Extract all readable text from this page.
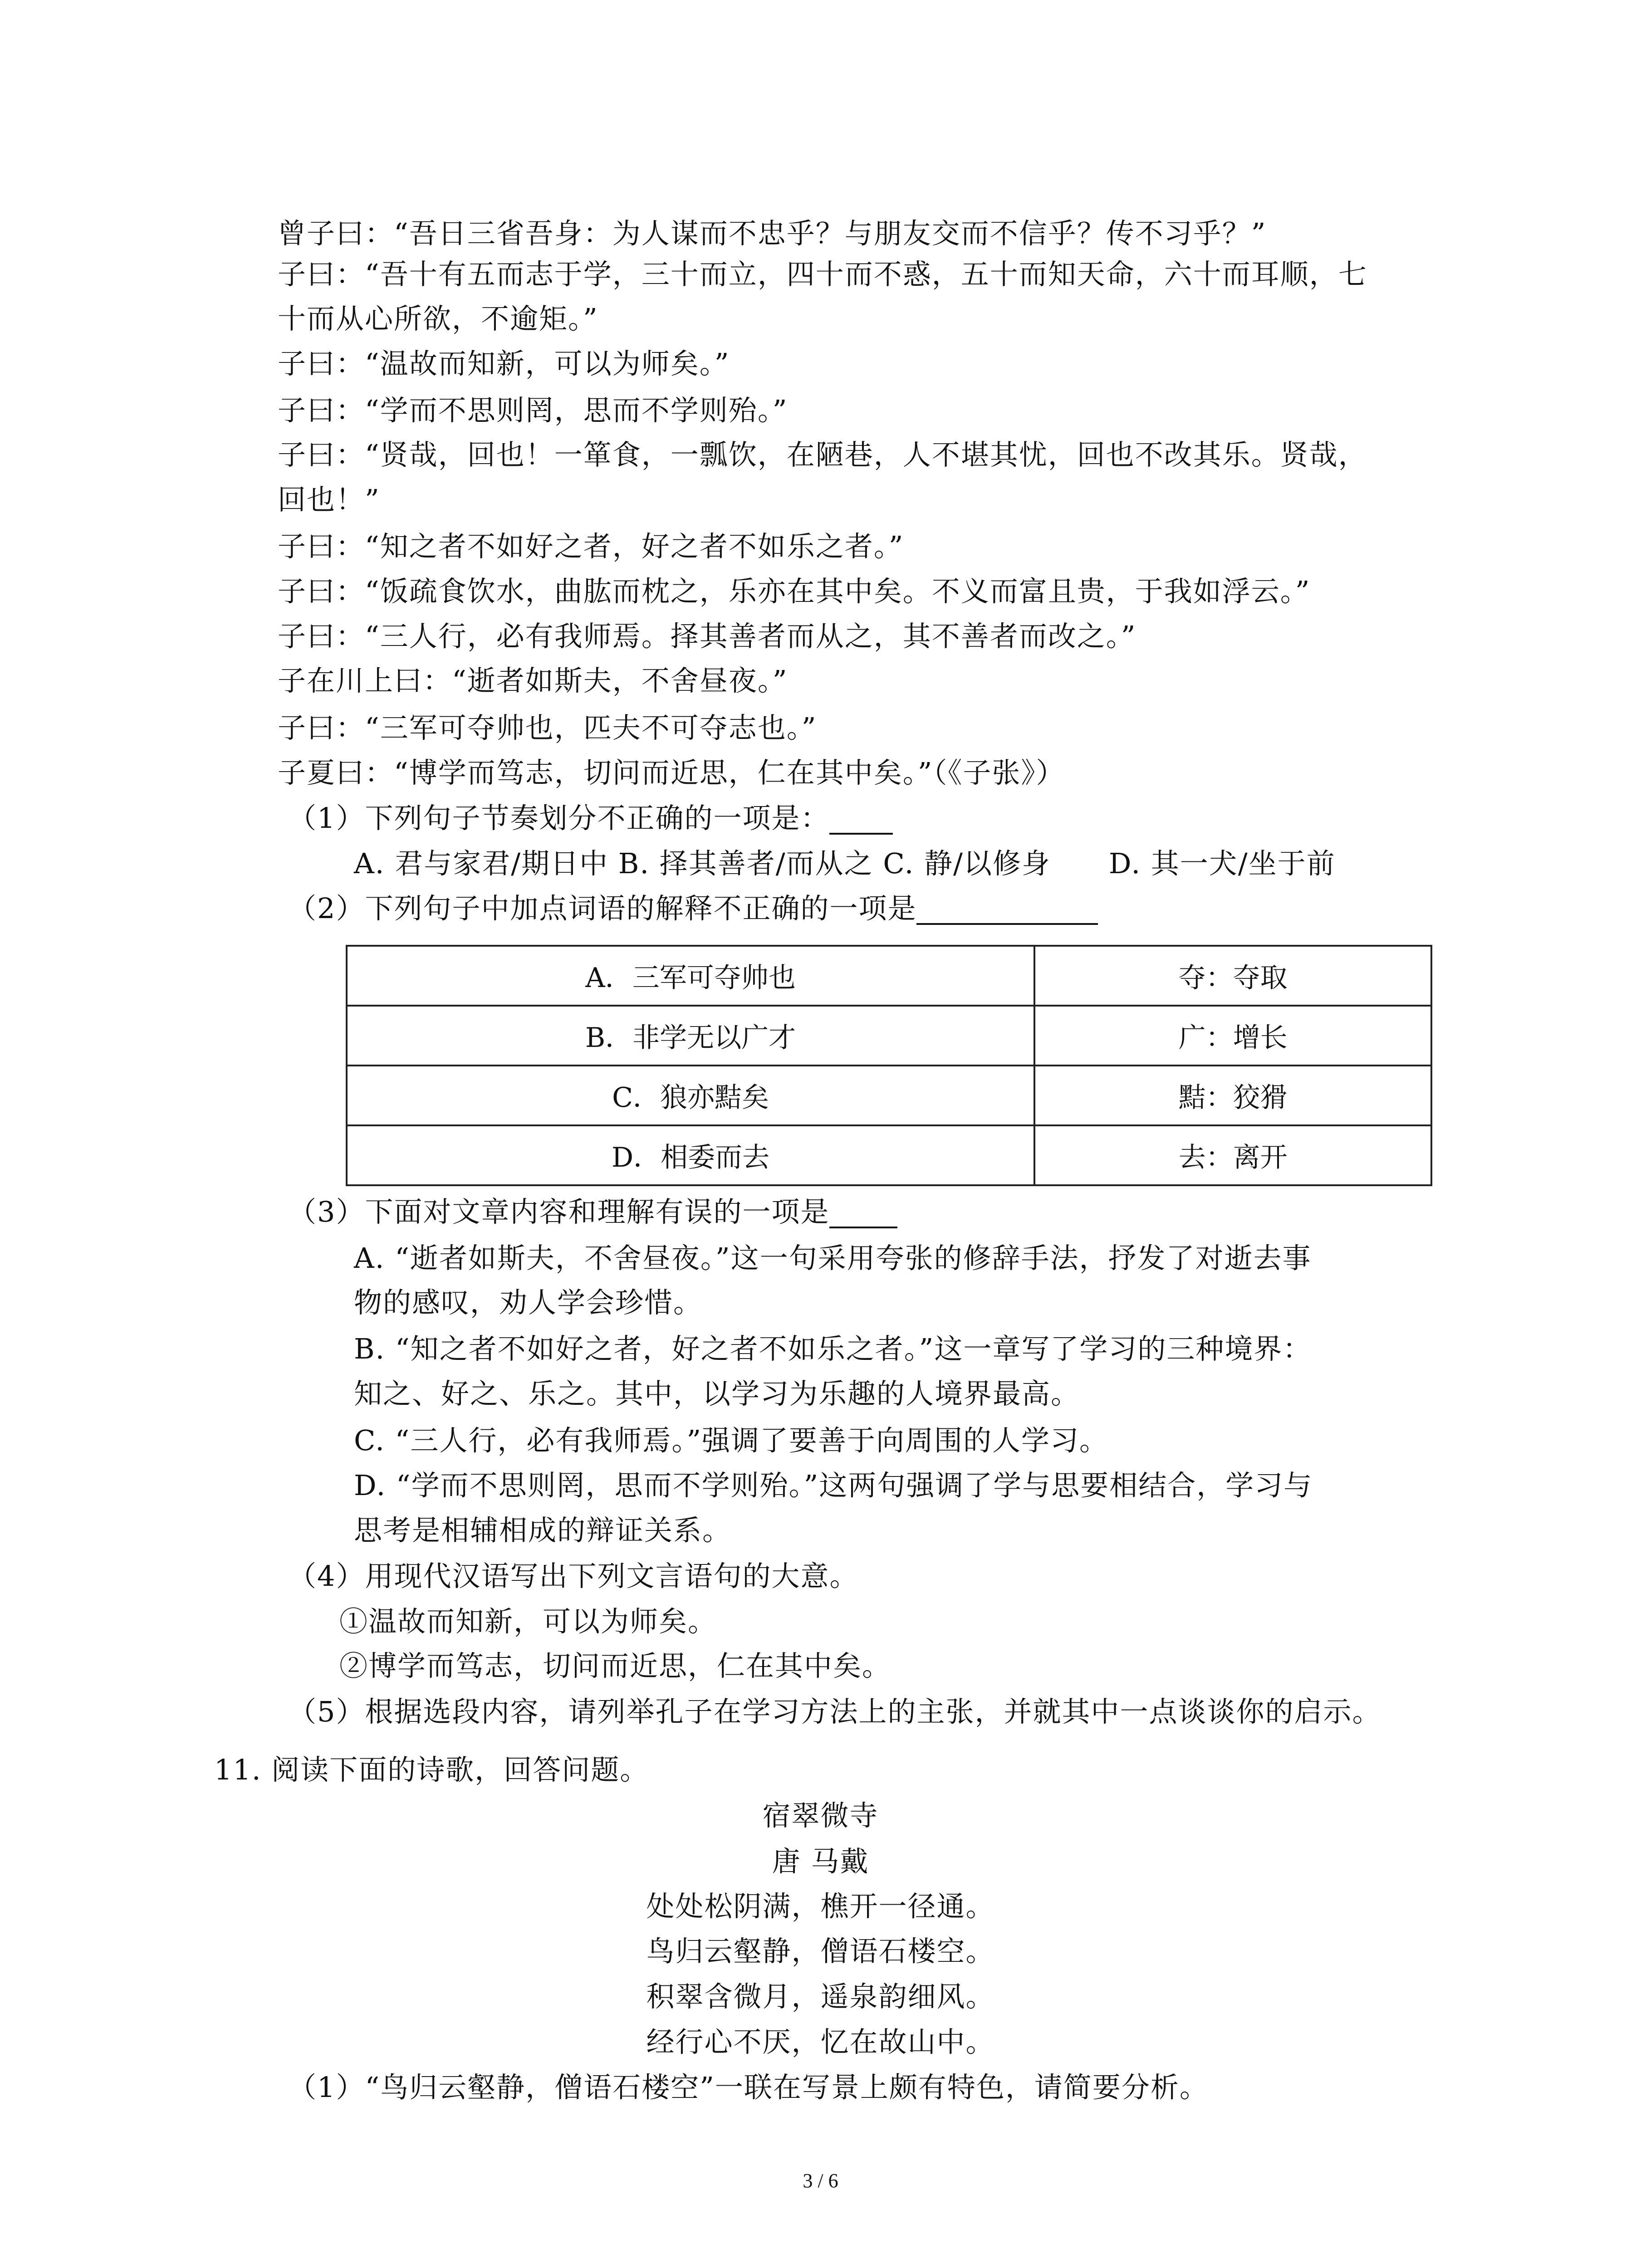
曾子曰：“吾日三省吾身：为人谋而不忠乎？与朋友交而不信乎？传不习乎？”
子曰：“吾十有五而志于学，三十而立，四十而不惑，五十而知天命，六十而耳顺，七
十而从心所欲，不逾矩。”
子曰：“温故而知新，可以为师矣。”
子曰：“学而不思则罔，思而不学则殆。”
子曰：“贤哉，回也！一箪食，一瓢饮，在陋巷，人不堪其忧，回也不改其乐。贤哉，
回也！”
子曰：“知之者不如好之者，好之者不如乐之者。”
子曰：“饭疏食饮水，曲肱而枕之，乐亦在其中矣。不义而富且贵，于我如浮云。”
子曰：“三人行，必有我师焉。择其善者而从之，其不善者而改之。”
子在川上曰：“逝者如斯夫，不舍昼夜。”
子曰：“三军可夺帅也，匹夫不可夺志也。”
子夏曰：“博学而笃志，切问而近思，仁在其中矣。”（《子张》）
（1）下列句子节奏划分不正确的一项是：
A. 君与家君/期日中 B. 择其善者/而从之 C. 静/以修身　　D. 其一犬/坐于前
（2）下列句子中加点词语的解释不正确的一项是
A．三军可夺帅也	夺：夺取
B．非学无以广才	广：增长
C．狼亦黠矣	黠：狡猾
D．相委而去	去：离开
（3）下面对文章内容和理解有误的一项是
A. “逝者如斯夫，不舍昼夜。”这一句采用夸张的修辞手法，抒发了对逝去事
物的感叹，劝人学会珍惜。
B. “知之者不如好之者，好之者不如乐之者。”这一章写了学习的三种境界：
知之、好之、乐之。其中，以学习为乐趣的人境界最高。
C. “三人行，必有我师焉。”强调了要善于向周围的人学习。
D. “学而不思则罔，思而不学则殆。”这两句强调了学与思要相结合，学习与
思考是相辅相成的辩证关系。
（4）用现代汉语写出下列文言语句的大意。
①温故而知新，可以为师矣。
②博学而笃志，切问而近思，仁在其中矣。
（5）根据选段内容，请列举孔子在学习方法上的主张，并就其中一点谈谈你的启示。
11. 阅读下面的诗歌，回答问题。
宿翠微寺
唐 马戴
处处松阴满，樵开一径通。
鸟归云壑静，僧语石楼空。
积翠含微月，遥泉韵细风。
经行心不厌，忆在故山中。
（1）“鸟归云壑静，僧语石楼空”一联在写景上颇有特色，请简要分析。
3 / 6
